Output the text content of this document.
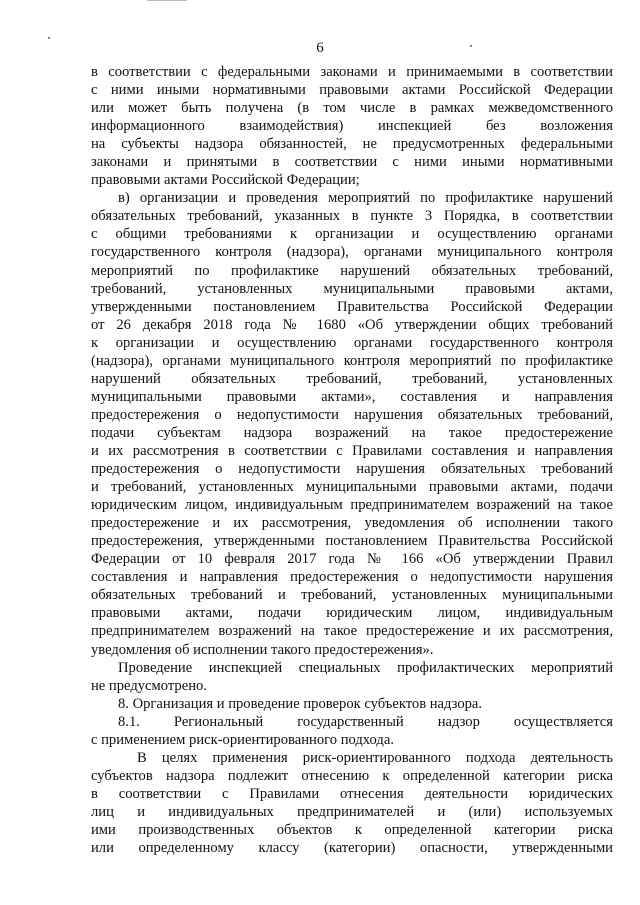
6
в соответствии с федеральными законами и принимаемыми в соответствии
с ними иными нормативными правовыми актами Российской Федерации
или может быть получена (в том числе в рамках межведомственного
информационного взаимодействия) инспекцией без возложения
на субъекты надзора обязанностей, не предусмотренных федеральными
законами и принятыми в соответствии с ними иными нормативными
правовыми актами Российской Федерации;
в) организации и проведения мероприятий по профилактике нарушений
обязательных требований, указанных в пункте 3 Порядка, в соответствии
с общими требованиями к организации и осуществлению органами
государственного контроля (надзора), органами муниципального контроля
мероприятий по профилактике нарушений обязательных требований,
требований, установленных муниципальными правовыми актами,
утвержденными постановлением Правительства Российской Федерации
от 26 декабря 2018 года № 1680 «Об утверждении общих требований
к организации и осуществлению органами государственного контроля
(надзора), органами муниципального контроля мероприятий по профилактике
нарушений обязательных требований, требований, установленных
муниципальными правовыми актами», составления и направления
предостережения о недопустимости нарушения обязательных требований,
подачи субъектам надзора возражений на такое предостережение
и их рассмотрения в соответствии с Правилами составления и направления
предостережения о недопустимости нарушения обязательных требований
и требований, установленных муниципальными правовыми актами, подачи
юридическим лицом, индивидуальным предпринимателем возражений на такое
предостережение и их рассмотрения, уведомления об исполнении такого
предостережения, утвержденными постановлением Правительства Российской
Федерации от 10 февраля 2017 года № 166 «Об утверждении Правил
составления и направления предостережения о недопустимости нарушения
обязательных требований и требований, установленных муниципальными
правовыми актами, подачи юридическим лицом, индивидуальным
предпринимателем возражений на такое предостережение и их рассмотрения,
уведомления об исполнении такого предостережения».
Проведение инспекцией специальных профилактических мероприятий
не предусмотрено.
8. Организация и проведение проверок субъектов надзора.
8.1. Региональный государственный надзор осуществляется
с применением риск-ориентированного подхода.
В целях применения риск-ориентированного подхода деятельность
субъектов надзора подлежит отнесению к определенной категории риска
в соответствии с Правилами отнесения деятельности юридических
лиц и индивидуальных предпринимателей и (или) используемых
ими производственных объектов к определенной категории риска
или определенному классу (категории) опасности, утвержденными
